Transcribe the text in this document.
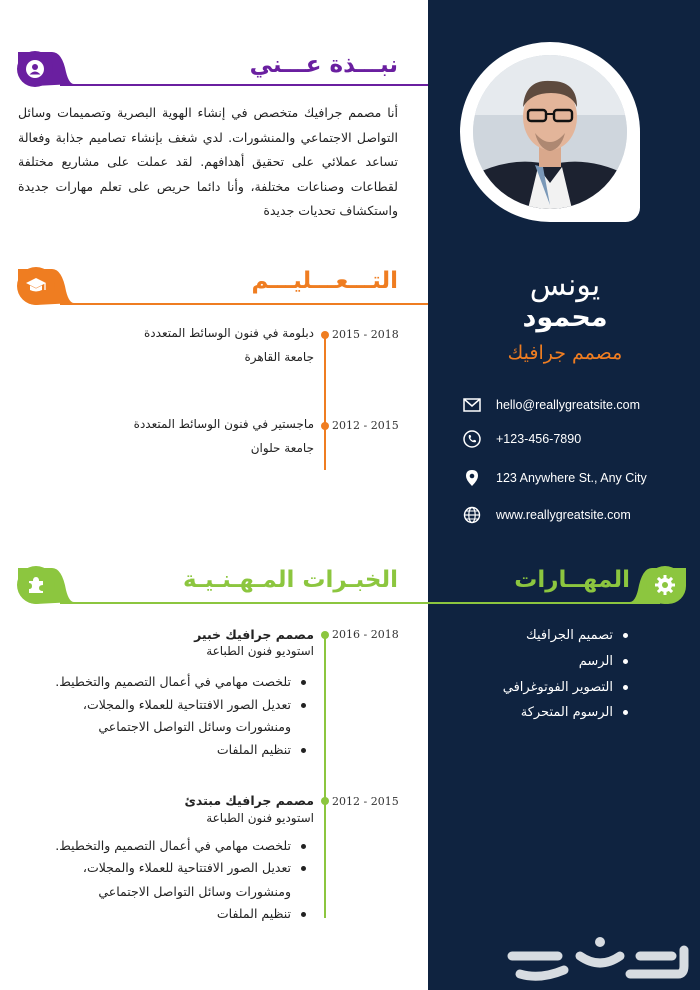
يونس
محمود
مصمم جرافيك
hello@reallygreatsite.com
+123-456-7890
123 Anywhere St., Any City
www.reallygreatsite.com
نبـــذة عـــني
أنا مصمم جرافيك متخصص في إنشاء الهوية البصرية وتصميمات وسائل التواصل الاجتماعي والمنشورات. لدي شغف بإنشاء تصاميم جذابة وفعالة تساعد عملائي على تحقيق أهدافهم. لقد عملت على مشاريع مختلفة لقطاعات وصناعات مختلفة، وأنا دائما حريص على تعلم مهارات جديدة واستكشاف تحديات جديدة
التـــعـــليـــم
2015 - 2018
دبلومة في فنون الوسائط المتعددة
جامعة القاهرة
2012 - 2015
ماجستير في فنون الوسائط المتعددة
جامعة حلوان
الخبـرات المـهـنـيـة	المهــارات
تصميم الجرافيك
الرسم
التصوير الفوتوغرافي
الرسوم المتحركة
2016 - 2018
مصمم جرافيك خبير
استوديو فنون الطباعة
تلخصت مهامي في أعمال التصميم والتخطيط.
تعديل الصور الافتتاحية للعملاء والمجلات،
ومنشورات وسائل التواصل الاجتماعي
تنظيم الملفات
2012 - 2015
مصمم جرافيك مبتدئ
استوديو فنون الطباعة
تلخصت مهامي في أعمال التصميم والتخطيط.
تعديل الصور الافتتاحية للعملاء والمجلات،
ومنشورات وسائل التواصل الاجتماعي
تنظيم الملفات
